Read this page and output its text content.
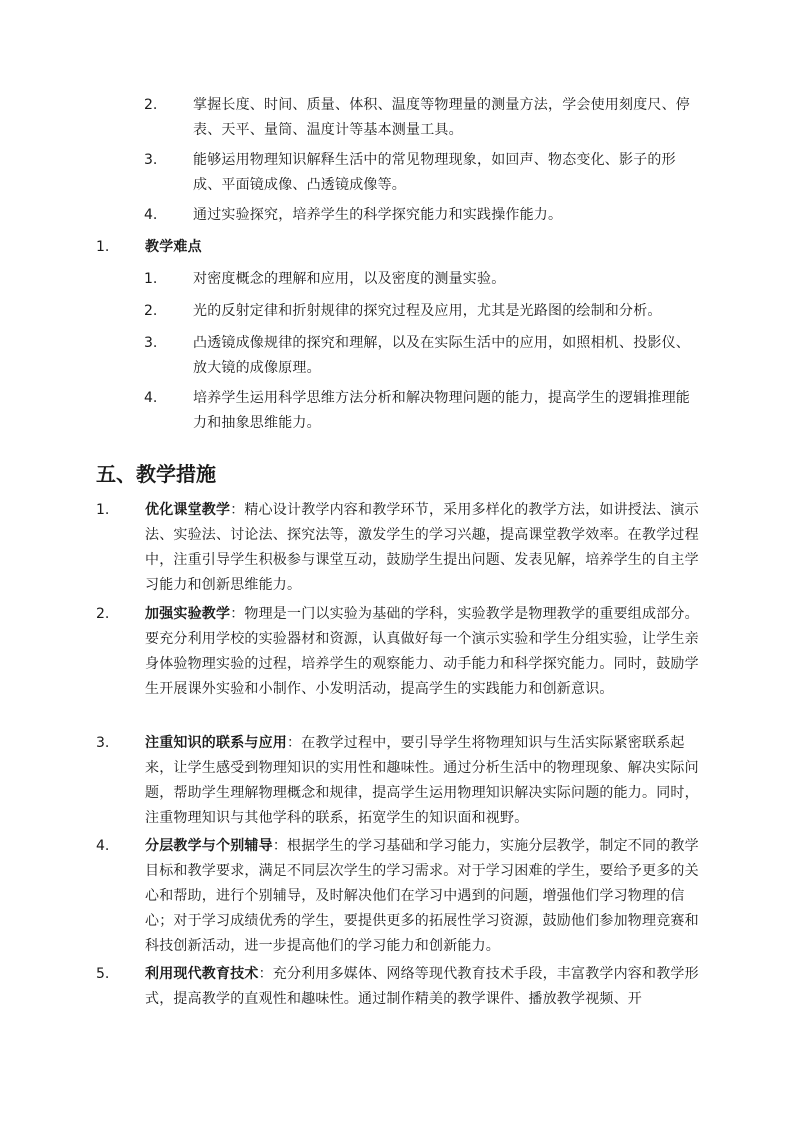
2.	掌握长度、时间、质量、体积、温度等物理量的测量方法，学会使用刻度尺、停表、天平、量筒、温度计等基本测量工具。
3.	能够运用物理知识解释生活中的常见物理现象，如回声、物态变化、影子的形成、平面镜成像、凸透镜成像等。
4.	通过实验探究，培养学生的科学探究能力和实践操作能力。
1.	教学难点
1.	对密度概念的理解和应用，以及密度的测量实验。
2.	光的反射定律和折射规律的探究过程及应用，尤其是光路图的绘制和分析。
3.	凸透镜成像规律的探究和理解，以及在实际生活中的应用，如照相机、投影仪、放大镜的成像原理。
4.	培养学生运用科学思维方法分析和解决物理问题的能力，提高学生的逻辑推理能力和抽象思维能力。
五、教学措施
1.	优化课堂教学：精心设计教学内容和教学环节，采用多样化的教学方法，如讲授法、演示法、实验法、讨论法、探究法等，激发学生的学习兴趣，提高课堂教学效率。在教学过程中，注重引导学生积极参与课堂互动，鼓励学生提出问题、发表见解，培养学生的自主学习能力和创新思维能力。
2.	加强实验教学：物理是一门以实验为基础的学科，实验教学是物理教学的重要组成部分。要充分利用学校的实验器材和资源，认真做好每一个演示实验和学生分组实验，让学生亲身体验物理实验的过程，培养学生的观察能力、动手能力和科学探究能力。同时，鼓励学生开展课外实验和小制作、小发明活动，提高学生的实践能力和创新意识。
3.	注重知识的联系与应用：在教学过程中，要引导学生将物理知识与生活实际紧密联系起来，让学生感受到物理知识的实用性和趣味性。通过分析生活中的物理现象、解决实际问题，帮助学生理解物理概念和规律，提高学生运用物理知识解决实际问题的能力。同时，注重物理知识与其他学科的联系，拓宽学生的知识面和视野。
4.	分层教学与个别辅导：根据学生的学习基础和学习能力，实施分层教学，制定不同的教学目标和教学要求，满足不同层次学生的学习需求。对于学习困难的学生，要给予更多的关心和帮助，进行个别辅导，及时解决他们在学习中遇到的问题，增强他们学习物理的信心；对于学习成绩优秀的学生，要提供更多的拓展性学习资源，鼓励他们参加物理竞赛和科技创新活动，进一步提高他们的学习能力和创新能力。
5.	利用现代教育技术：充分利用多媒体、网络等现代教育技术手段，丰富教学内容和教学形式，提高教学的直观性和趣味性。通过制作精美的教学课件、播放教学视频、开
